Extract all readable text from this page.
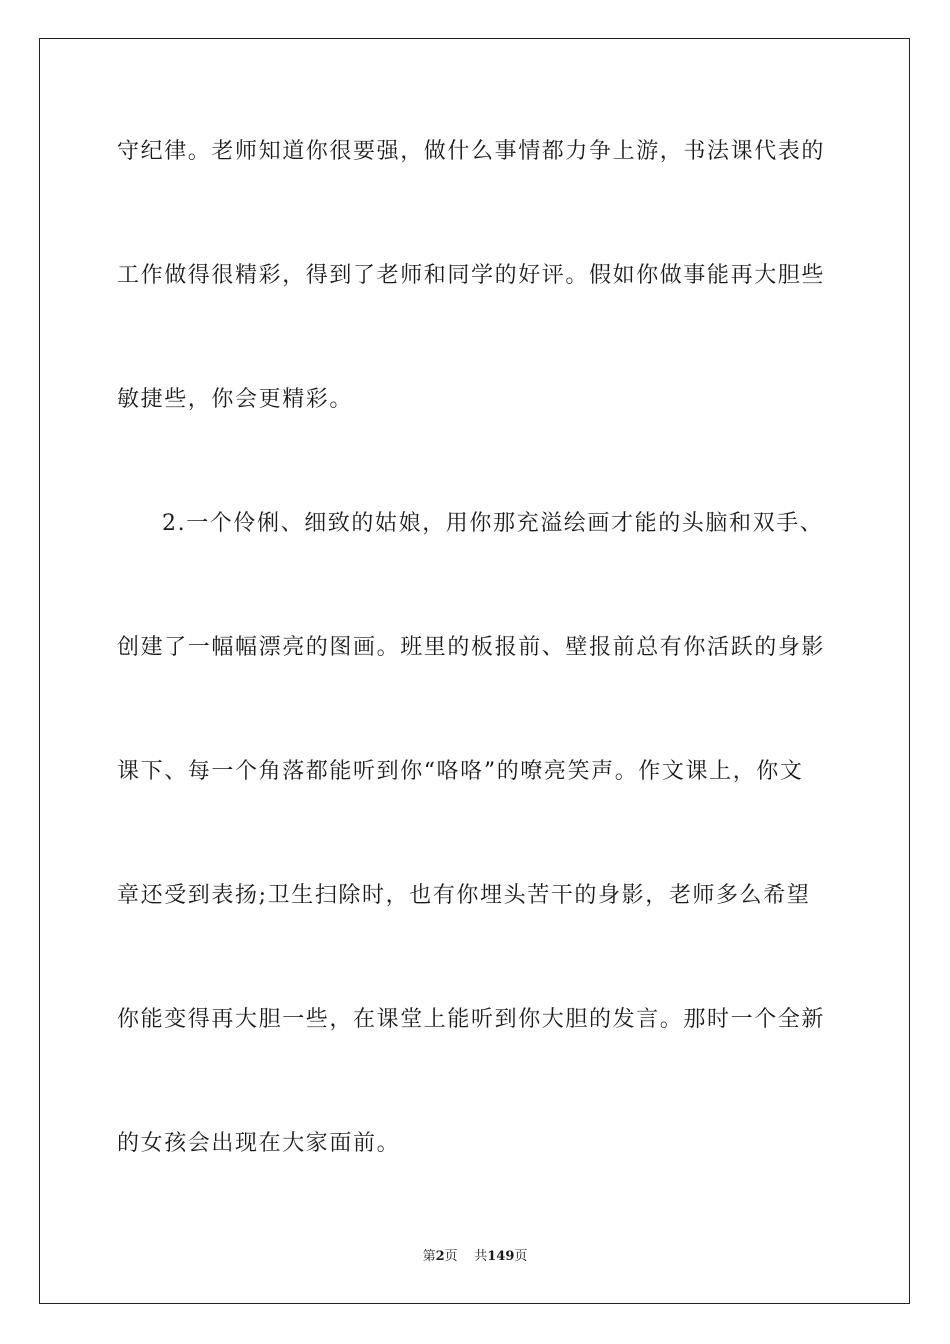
守纪律。老师知道你很要强，做什么事情都力争上游，书法课代表的
工作做得很精彩，得到了老师和同学的好评。假如你做事能再大胆些
敏捷些，你会更精彩。
2.一个伶俐、细致的姑娘，用你那充溢绘画才能的头脑和双手、
创建了一幅幅漂亮的图画。班里的板报前、壁报前总有你活跃的身影
课下、每一个角落都能听到你“咯咯”的嘹亮笑声。作文课上，你文
章还受到表扬;卫生扫除时，也有你埋头苦干的身影，老师多么希望
你能变得再大胆一些，在课堂上能听到你大胆的发言。那时一个全新
的女孩会出现在大家面前。
第2页 共149页
